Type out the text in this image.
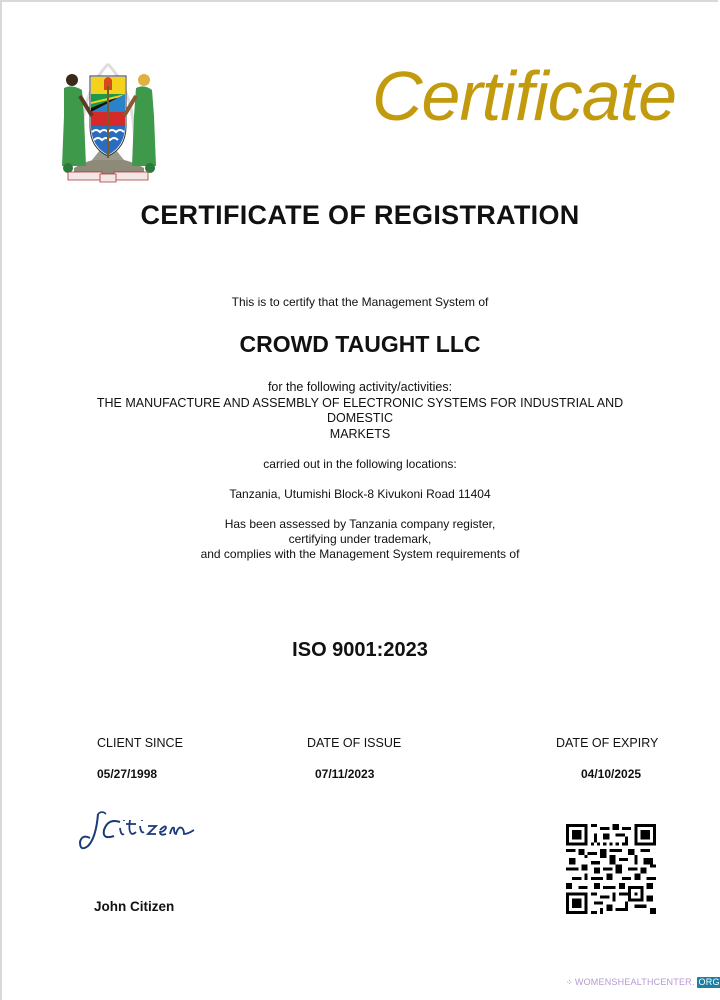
Certificate
CERTIFICATE OF REGISTRATION
This is to certify that the Management System of
CROWD TAUGHT LLC
for the following activity/activities:
THE MANUFACTURE AND ASSEMBLY OF ELECTRONIC SYSTEMS FOR INDUSTRIAL AND
DOMESTIC
MARKETS
carried out in the following locations:
Tanzania, Utumishi Block-8 Kivukoni Road 11404
Has been assessed by Tanzania company register,
certifying under trademark,
and complies with the Management System requirements of
ISO 9001:2023
CLIENT SINCE	DATE OF ISSUE	DATE OF EXPIRY
05/27/1998	07/11/2023	04/10/2025
John Citizen
⁘ WOMENSHEALTHCENTER. ORG
